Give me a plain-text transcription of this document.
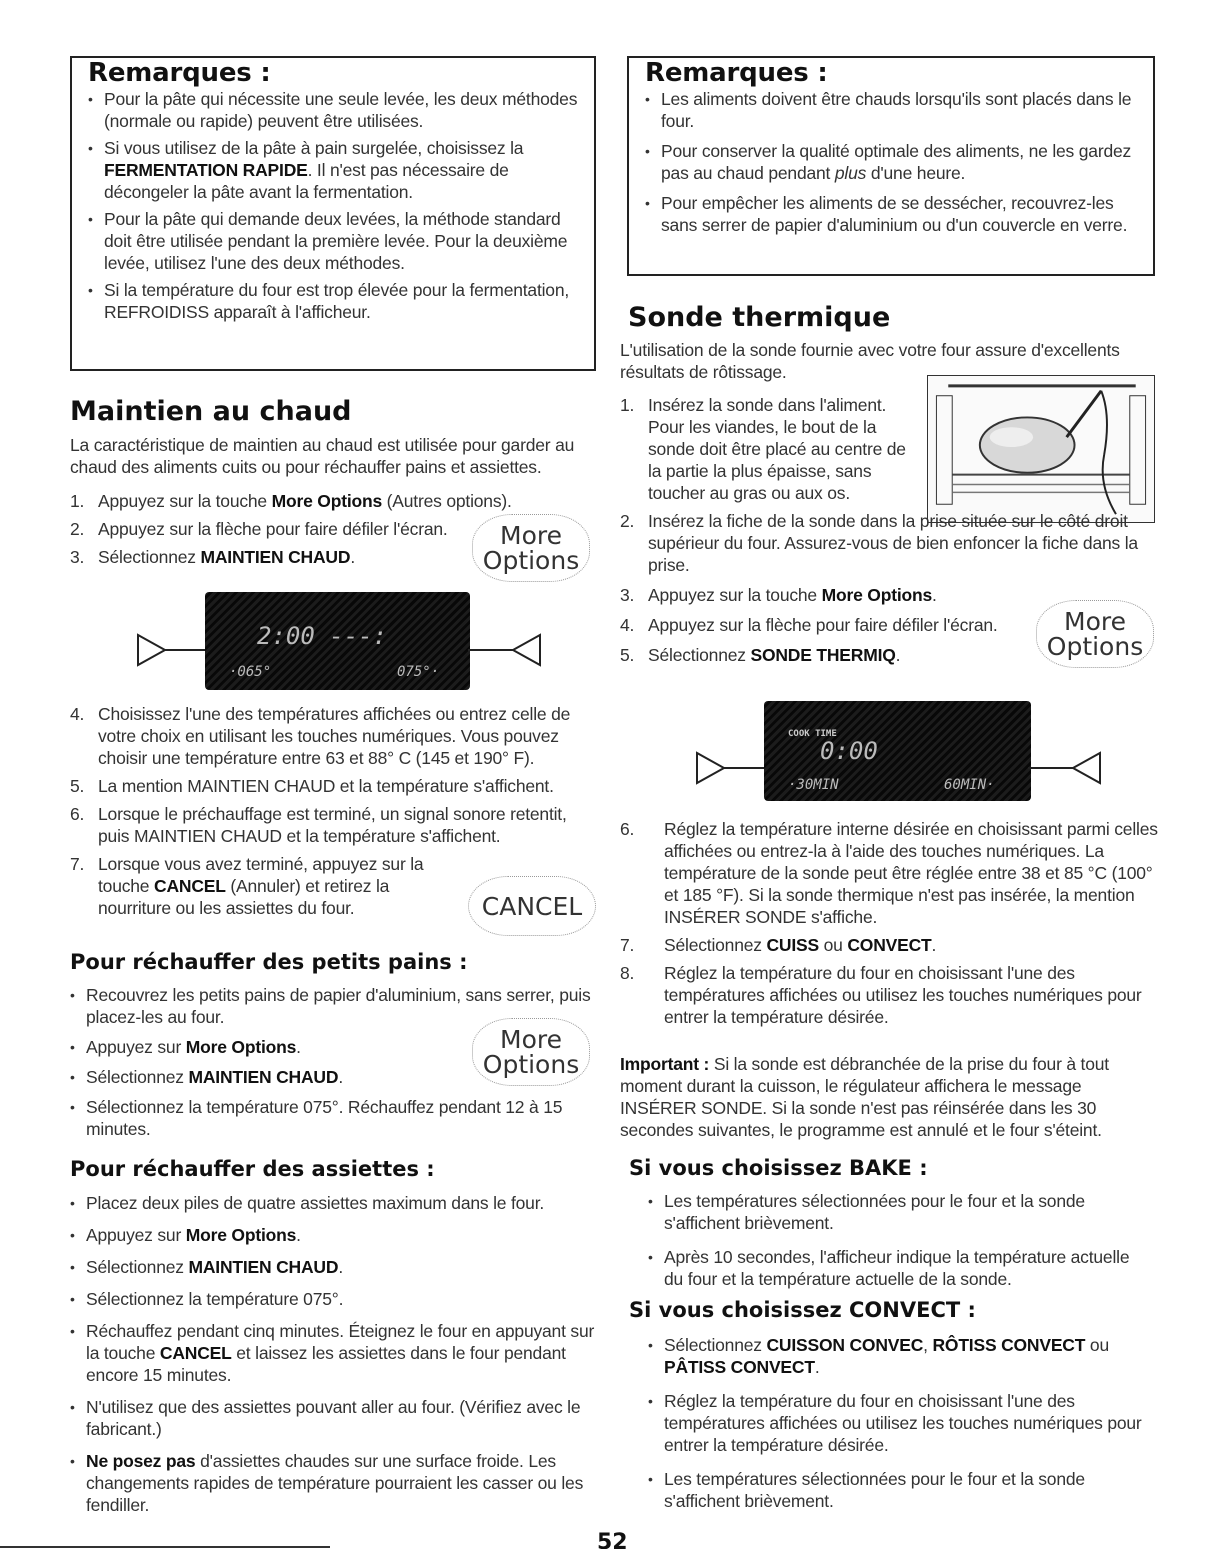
Remarques :
• Pour la pâte qui nécessite une seule levée, les deux méthodes (normale ou rapide) peuvent être utilisées.
• Si vous utilisez de la pâte à pain surgelée, choisissez la FERMENTATION RAPIDE. Il n'est pas nécessaire de décongeler la pâte avant la fermentation.
• Pour la pâte qui demande deux levées, la méthode standard doit être utilisée pendant la première levée. Pour la deuxième levée, utilisez l'une des deux méthodes.
• Si la température du four est trop élevée pour la fermentation, REFROIDISS apparaît à l'afficheur.
Maintien au chaud
La caractéristique de maintien au chaud est utilisée pour garder au chaud des aliments cuits ou pour réchauffer pains et assiettes.
1. Appuyez sur la touche More Options (Autres options).
2. Appuyez sur la flèche pour faire défiler l'écran.
3. Sélectionnez MAINTIEN CHAUD.
More
Options
2:00 ---:
·065°	075°·
4. Choisissez l'une des températures affichées ou entrez celle de votre choix en utilisant les touches numériques. Vous pouvez choisir une température entre 63 et 88° C (145 et 190° F).
5. La mention MAINTIEN CHAUD et la température s'affichent.
6. Lorsque le préchauffage est terminé, un signal sonore retentit, puis MAINTIEN CHAUD et la température s'affichent.
7. Lorsque vous avez terminé, appuyez sur la touche CANCEL (Annuler) et retirez la nourriture ou les assiettes du four.	CANCEL
Pour réchauffer des petits pains :
• Recouvrez les petits pains de papier d'aluminium, sans serrer, puis placez-les au four.
• Appuyez sur More Options.
• Sélectionnez MAINTIEN CHAUD.
• Sélectionnez la température 075°. Réchauffez pendant 12 à 15 minutes.
More
Options
Pour réchauffer des assiettes :
• Placez deux piles de quatre assiettes maximum dans le four.
• Appuyez sur More Options.
• Sélectionnez MAINTIEN CHAUD.
• Sélectionnez la température 075°.
• Réchauffez pendant cinq minutes. Éteignez le four en appuyant sur la touche CANCEL et laissez les assiettes dans le four pendant encore 15 minutes.
• N'utilisez que des assiettes pouvant aller au four. (Vérifiez avec le fabricant.)
• Ne posez pas d'assiettes chaudes sur une surface froide. Les changements rapides de température pourraient les casser ou les fendiller.
Remarques :
• Les aliments doivent être chauds lorsqu'ils sont placés dans le four.
• Pour conserver la qualité optimale des aliments, ne les gardez pas au chaud pendant plus d'une heure.
• Pour empêcher les aliments de se dessécher, recouvrez-les sans serrer de papier d'aluminium ou d'un couvercle en verre.
Sonde thermique
L'utilisation de la sonde fournie avec votre four assure d'excellents résultats de rôtissage.
1. Insérez la sonde dans l'aliment. Pour les viandes, le bout de la sonde doit être placé au centre de la partie la plus épaisse, sans toucher au gras ou aux os.
2. Insérez la fiche de la sonde dans la prise située sur le côté droit supérieur du four. Assurez-vous de bien enfoncer la fiche dans la prise.
3. Appuyez sur la touche More Options.
4. Appuyez sur la flèche pour faire défiler l'écran.
5. Sélectionnez SONDE THERMIQ.
More
Options
COOK TIME
0:00
·30MIN	60MIN·
6. Réglez la température interne désirée en choisissant parmi celles affichées ou entrez-la à l'aide des touches numériques. La température de la sonde peut être réglée entre 38 et 85 °C (100° et 185 °F). Si la sonde thermique n'est pas insérée, la mention INSÉRER SONDE s'affiche.
7. Sélectionnez CUISS ou CONVECT.
8. Réglez la température du four en choisissant l'une des températures affichées ou utilisez les touches numériques pour entrer la température désirée.
Important : Si la sonde est débranchée de la prise du four à tout moment durant la cuisson, le régulateur affichera le message INSÉRER SONDE. Si la sonde n'est pas réinsérée dans les 30 secondes suivantes, le programme est annulé et le four s'éteint.
Si vous choisissez BAKE :
• Les températures sélectionnées pour le four et la sonde s'affichent brièvement.
• Après 10 secondes, l'afficheur indique la température actuelle du four et la température actuelle de la sonde.
Si vous choisissez CONVECT :
• Sélectionnez CUISSON CONVEC, RÔTISS CONVECT ou PÂTISS CONVECT.
• Réglez la température du four en choisissant l'une des températures affichées ou utilisez les touches numériques pour entrer la température désirée.
• Les températures sélectionnées pour le four et la sonde s'affichent brièvement.
52
